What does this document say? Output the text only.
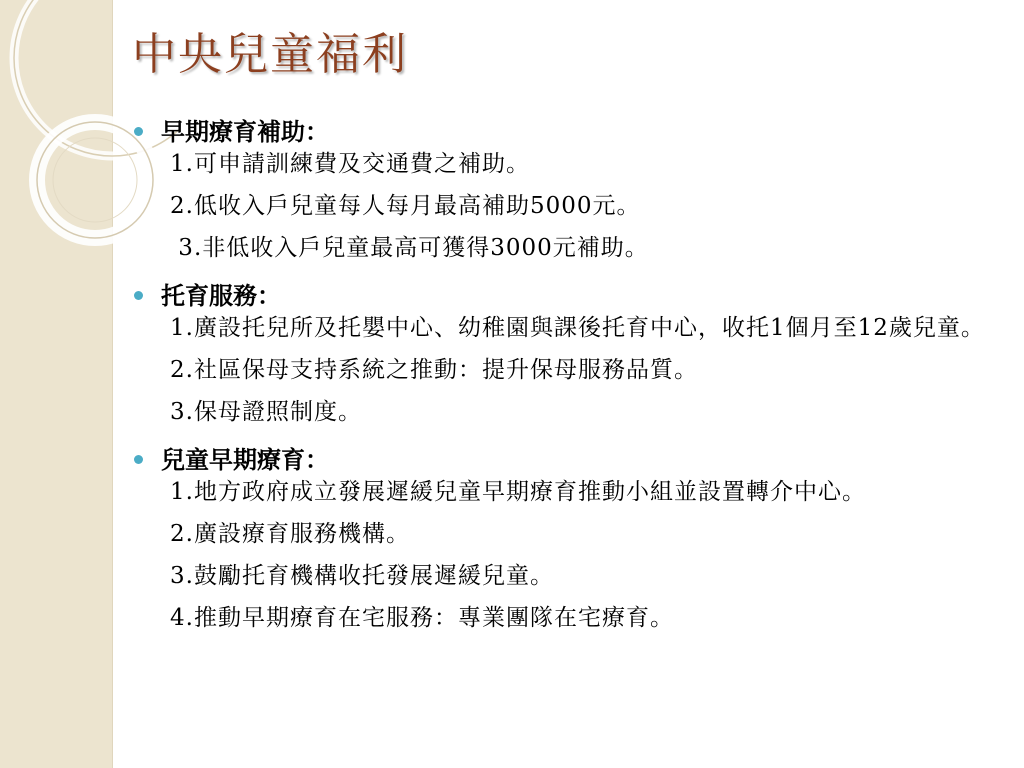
中央兒童福利
早期療育補助：
1.可申請訓練費及交通費之補助。
2.低收入戶兒童每人每月最高補助5000元。
3.非低收入戶兒童最高可獲得3000元補助。
托育服務：
1.廣設托兒所及托嬰中心、幼稚園與課後托育中心，收托1個月至12歲兒童。
2.社區保母支持系統之推動：提升保母服務品質。
3.保母證照制度。
兒童早期療育：
1.地方政府成立發展遲緩兒童早期療育推動小組並設置轉介中心。
2.廣設療育服務機構。
3.鼓勵托育機構收托發展遲緩兒童。
4.推動早期療育在宅服務：專業團隊在宅療育。
